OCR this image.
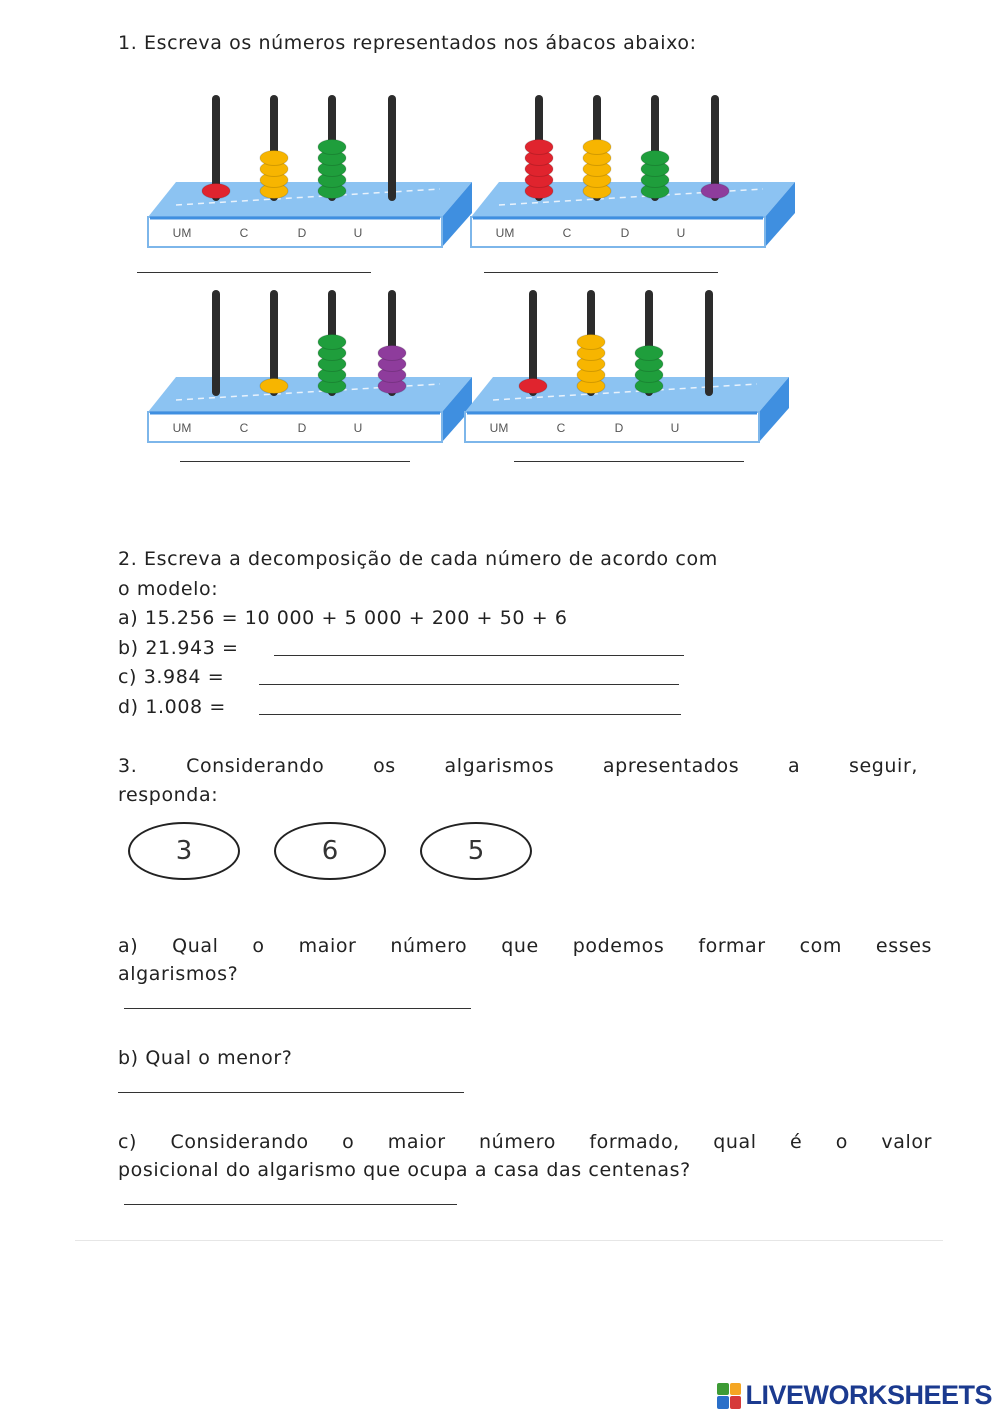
1. Escreva os números representados nos ábacos abaixo:
UM	C	D	U	UM	C	D	U
UM	C	D	U	UM	C	D	U
2. Escreva a decomposição de cada número de acordo com
o modelo:
a) 15.256 = 10 000 + 5 000 + 200 + 50 + 6
b) 21.943 =
c) 3.984 =
d) 1.008 =
3. Considerando os algarismos apresentados a seguir,
responda:
3	6	5
a) Qual o maior número que podemos formar com esses
algarismos?
b) Qual o menor?
c) Considerando o maior número formado, qual é o valor
posicional do algarismo que ocupa a casa das centenas?
LIVEWORKSHEETS
